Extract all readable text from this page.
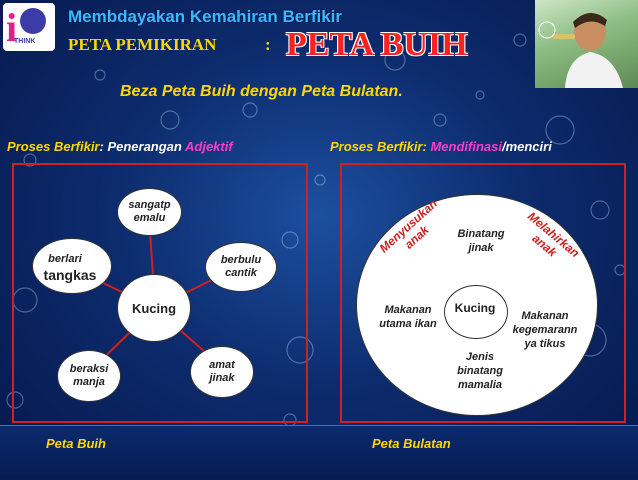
i
THINK
Membdayakan Kemahiran Berfikir
PETA PEMIKIRAN	: PETA BUIH
Beza Peta Buih dengan Peta Bulatan.
Proses Berfikir: Penerangan Adjektif	Proses Berfikir: Mendifinasi/menciri
Kucing
sangatp
emalu
berbulu
cantik
amat
jinak
beraksi
manja
berlari
tangkas
Kucing
Binatang
jinak
Makanan
utama ikan
Makanan
kegemarann
ya tikus
Jenis
binatang
mamalia
Menyusukan anak	Melahirkan anak
Peta Buih	Peta Bulatan
